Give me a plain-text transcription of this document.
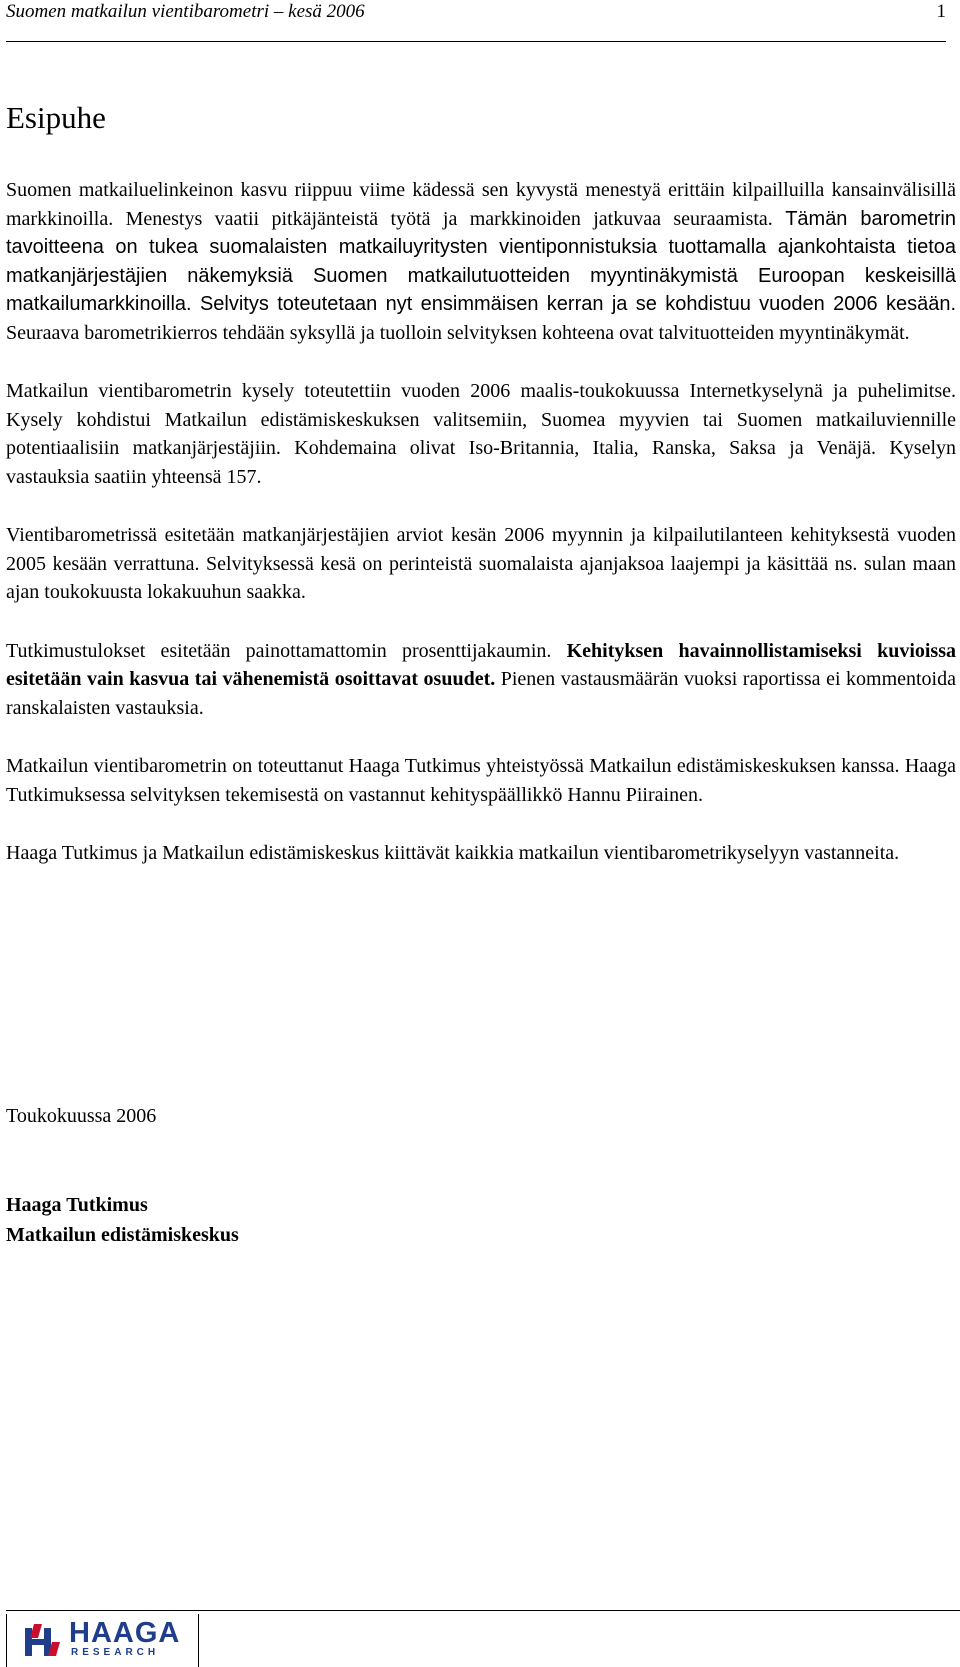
Suomen matkailun vientibarometri – kesä 2006	1
Esipuhe

Suomen matkailuelinkeinon kasvu riippuu viime kädessä sen kyvystä menestyä erittäin kilpailluilla kansainvälisillä markkinoilla. Menestys vaatii pitkäjänteistä työtä ja markkinoiden jatkuvaa seuraamista. Tämän barometrin tavoitteena on tukea suomalaisten matkailuyritysten vientiponnistuksia tuottamalla ajankohtaista tietoa matkanjärjestäjien näkemyksiä Suomen matkailutuotteiden myyntinäkymistä Euroopan keskeisillä matkailumarkkinoilla. Selvitys toteutetaan nyt ensimmäisen kerran ja se kohdistuu vuoden 2006 kesään. Seuraava barometrikierros tehdään syksyllä ja tuolloin selvityksen kohteena ovat talvituotteiden myyntinäkymät.

Matkailun vientibarometrin kysely toteutettiin vuoden 2006 maalis-toukokuussa Internetkyselynä ja puhelimitse. Kysely kohdistui Matkailun edistämiskeskuksen valitsemiin, Suomea myyvien tai Suomen matkailuviennille potentiaalisiin matkanjärjestäjiin. Kohdemaina olivat Iso-Britannia, Italia, Ranska, Saksa ja Venäjä. Kyselyn vastauksia saatiin yhteensä 157.

Vientibarometrissä esitetään matkanjärjestäjien arviot kesän 2006 myynnin ja kilpailutilanteen kehityksestä vuoden 2005 kesään verrattuna. Selvityksessä kesä on perinteistä suomalaista ajanjaksoa laajempi ja käsittää ns. sulan maan ajan toukokuusta lokakuuhun saakka.

Tutkimustulokset esitetään painottamattomin prosenttijakaumin. Kehityksen havainnollistamiseksi kuvioissa esitetään vain kasvua tai vähenemistä osoittavat osuudet. Pienen vastausmäärän vuoksi raportissa ei kommentoida ranskalaisten vastauksia.

Matkailun vientibarometrin on toteuttanut Haaga Tutkimus yhteistyössä Matkailun edistämiskeskuksen kanssa. Haaga Tutkimuksessa selvityksen tekemisestä on vastannut kehityspäällikkö Hannu Piirainen.

Haaga Tutkimus ja Matkailun edistämiskeskus kiittävät kaikkia matkailun vientibarometrikyselyyn vastanneita.

Toukokuussa 2006
Haaga Tutkimus
Matkailun edistämiskeskus
HAAGA
RESEARCH
